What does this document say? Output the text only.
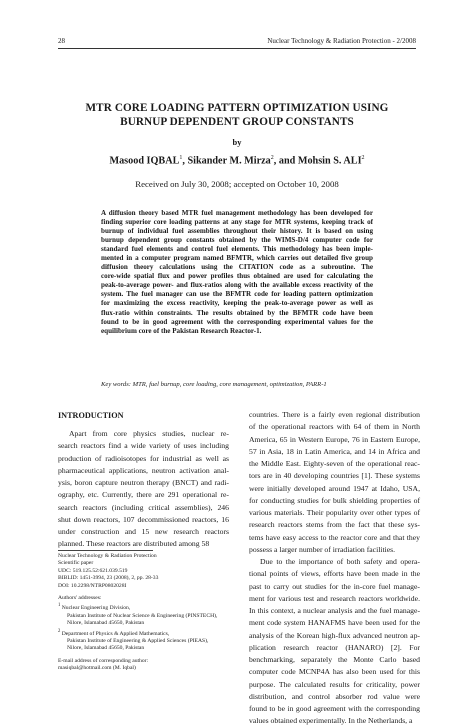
28	Nuclear Technology & Radiation Protection - 2/2008
MTR CORE LOADING PATTERN OPTIMIZATION USING
BURNUP DEPENDENT GROUP CONSTANTS
by
Masood IQBAL$^1$, Sikander M. Mirza$^2$, and Mohsin S. ALI$^2$
Received on July 30, 2008; accepted on October 10, 2008
A diffusion theory based MTR fuel management methodology has been developed for
finding superior core loading patterns at any stage for MTR systems, keeping track of
burnup of individual fuel assemblies throughout their history. It is based on using
burnup dependent group constants obtained by the WIMS-D/4 computer code for
standard fuel elements and control fuel elements. This methodology has been imple-
mented in a computer program named BFMTR, which carries out detailed five group
diffusion theory calculations using the CITATION code as a subroutine. The
core-wide spatial flux and power profiles thus obtained are used for calculating the
peak-to-average power- and flux-ratios along with the available excess reactivity of the
system. The fuel manager can use the BFMTR code for loading pattern optimization
for maximizing the excess reactivity, keeping the peak-to-average power as well as
flux-ratio within constraints. The results obtained by the BFMTR code have been
found to be in good agreement with the corresponding experimental values for the
equilibrium core of the Pakistan Research Reactor-1.
Key words: MTR, fuel burnup, core loading, core management, optimization, PARR-1
INTRODUCTION
Apart from core physics studies, nuclear re-
search reactors find a wide variety of uses including
production of radioisotopes for industrial as well as
pharmaceutical applications, neutron activation anal-
ysis, boron capture neutron therapy (BNCT) and radi-
ography, etc. Currently, there are 291 operational re-
search reactors (including critical assemblies), 246
shut down reactors, 107 decommissioned reactors, 16
under construction and 15 new research reactors
planned. These reactors are distributed among 58
countries. There is a fairly even regional distribution
of the operational reactors with 64 of them in North
America, 65 in Western Europe, 76 in Eastern Europe,
57 in Asia, 18 in Latin America, and 14 in Africa and
the Middle East. Eighty-seven of the operational reac-
tors are in 40 developing countries [1]. These systems
were initially developed around 1947 at Idaho, USA,
for conducting studies for bulk shielding properties of
various materials. Their popularity over other types of
research reactors stems from the fact that these sys-
tems have easy access to the reactor core and that they
possess a larger number of irradiation facilities.
Due to the importance of both safety and opera-
tional points of views, efforts have been made in the
past to carry out studies for the in-core fuel manage-
ment for various test and research reactors worldwide.
In this context, a nuclear analysis and the fuel manage-
ment code system HANAFMS have been used for the
analysis of the Korean high-flux advanced neutron ap-
plication research reactor (HANARO) [2]. For
benchmarking, separately the Monte Carlo based
computer code MCNP4A has also been used for this
purpose. The calculated results for criticality, power
distribution, and control absorber rod value were
found to be in good agreement with the corresponding
values obtained experimentally. In the Netherlands, a
Nuclear Technology & Radiation Protection
Scientific paper
UDC: 519.125.52:621.039.519
BIBLID: 1451-3994, 23 (2008), 2, pp. 28-33
DOI: 10.2298/NTRP0802028I
Authors' addresses:
$^1$ Nuclear Engineering Division,
Pakistan Institute of Nuclear Science & Engineering (PINSTECH),
Nilore, Islamabad 45650, Pakistan
$^2$ Department of Physics & Applied Mathematics,
Pakistan Institute of Engineering & Applied Sciences (PIEAS),
Nilore, Islamabad 45650, Pakistan
E-mail address of corresponding author:
masiqbal@hotmail.com (M. Iqbal)
